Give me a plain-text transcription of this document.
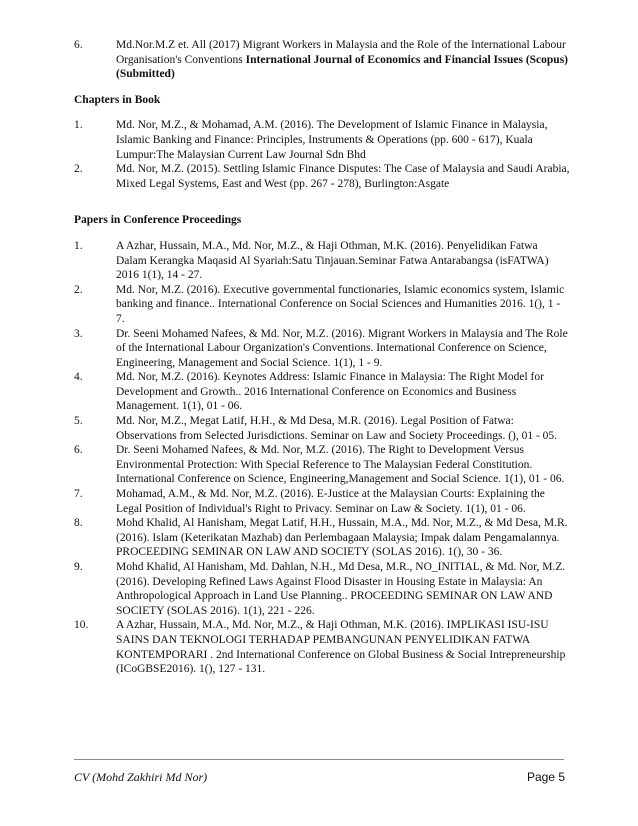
6.	Md.Nor.M.Z et. All (2017) Migrant Workers in Malaysia and the Role of the International Labour Organisation's Conventions International Journal of Economics and Financial Issues (Scopus) (Submitted)

Chapters in Book

1.	Md. Nor, M.Z., & Mohamad, A.M. (2016). The Development of Islamic Finance in Malaysia, Islamic Banking and Finance: Principles, Instruments & Operations (pp. 600 - 617), Kuala Lumpur:The Malaysian Current Law Journal Sdn Bhd
2.	Md. Nor, M.Z. (2015). Settling Islamic Finance Disputes: The Case of Malaysia and Saudi Arabia, Mixed Legal Systems, East and West (pp. 267 - 278), Burlington:Asgate

Papers in Conference Proceedings

1.	A Azhar, Hussain, M.A., Md. Nor, M.Z., & Haji Othman, M.K. (2016). Penyelidikan Fatwa Dalam Kerangka Maqasid Al Syariah:Satu Tinjauan.Seminar Fatwa Antarabangsa (isFATWA) 2016 1(1), 14 - 27.
2.	Md. Nor, M.Z. (2016). Executive governmental functionaries, Islamic economics system, Islamic banking and finance.. International Conference on Social Sciences and Humanities 2016. 1(), 1 - 7.
3.	Dr. Seeni Mohamed Nafees, & Md. Nor, M.Z. (2016). Migrant Workers in Malaysia and The Role of the International Labour Organization's Conventions. International Conference on Science, Engineering, Management and Social Science. 1(1), 1 - 9.
4.	Md. Nor, M.Z. (2016). Keynotes Address: Islamic Finance in Malaysia: The Right Model for Development and Growth.. 2016 International Conference on Economics and Business Management. 1(1), 01 - 06.
5.	Md. Nor, M.Z., Megat Latif, H.H., & Md Desa, M.R. (2016). Legal Position of Fatwa: Observations from Selected Jurisdictions. Seminar on Law and Society Proceedings. (), 01 - 05.
6.	Dr. Seeni Mohamed Nafees, & Md. Nor, M.Z. (2016). The Right to Development Versus Environmental Protection: With Special Reference to The Malaysian Federal Constitution. International Conference on Science, Engineering,Management and Social Science. 1(1), 01 - 06.
7.	Mohamad, A.M., & Md. Nor, M.Z. (2016). E-Justice at the Malaysian Courts: Explaining the Legal Position of Individual's Right to Privacy. Seminar on Law & Society. 1(1), 01 - 06.
8.	Mohd Khalid, Al Hanisham, Megat Latif, H.H., Hussain, M.A., Md. Nor, M.Z., & Md Desa, M.R. (2016). Islam (Keterikatan Mazhab) dan Perlembagaan Malaysia; Impak dalam Pengamalannya. PROCEEDING SEMINAR ON LAW AND SOCIETY (SOLAS 2016). 1(), 30 - 36.
9.	Mohd Khalid, Al Hanisham, Md. Dahlan, N.H., Md Desa, M.R., NO_INITIAL, & Md. Nor, M.Z. (2016). Developing Refined Laws Against Flood Disaster in Housing Estate in Malaysia: An Anthropological Approach in Land Use Planning.. PROCEEDING SEMINAR ON LAW AND SOCIETY (SOLAS 2016). 1(1), 221 - 226.
10. A Azhar, Hussain, M.A., Md. Nor, M.Z., & Haji Othman, M.K. (2016). IMPLIKASI ISU-ISU SAINS DAN TEKNOLOGI TERHADAP PEMBANGUNAN PENYELIDIKAN FATWA KONTEMPORARI . 2nd International Conference on Global Business & Social Intrepreneurship (ICoGBSE2016). 1(), 127 - 131.
CV (Mohd Zakhiri Md Nor)	Page 5
